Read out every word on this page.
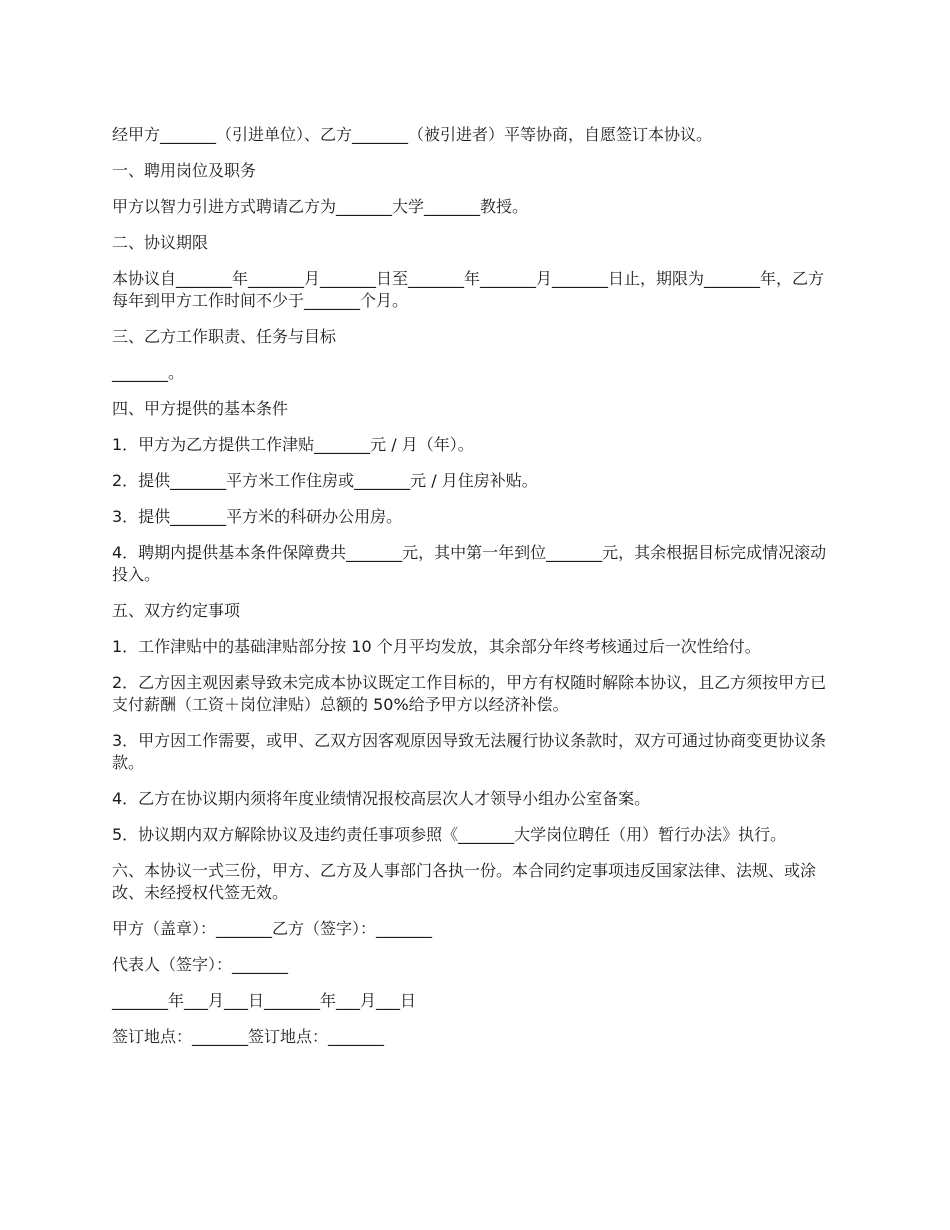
经甲方_______（引进单位）、乙方_______（被引进者）平等协商，自愿签订本协议。

一、聘用岗位及职务

甲方以智力引进方式聘请乙方为_______大学_______教授。

二、协议期限

本协议自_______年_______月_______日至_______年_______月_______日止，期限为_______年，乙方每年到甲方工作时间不少于_______个月。

三、乙方工作职责、任务与目标

_______。

四、甲方提供的基本条件

1．甲方为乙方提供工作津贴_______元 / 月（年）。

2．提供_______平方米工作住房或_______元 / 月住房补贴。

3．提供_______平方米的科研办公用房。

4．聘期内提供基本条件保障费共_______元，其中第一年到位_______元，其余根据目标完成情况滚动投入。

五、双方约定事项

1．工作津贴中的基础津贴部分按 10 个月平均发放，其余部分年终考核通过后一次性给付。

2．乙方因主观因素导致未完成本协议既定工作目标的，甲方有权随时解除本协议，且乙方须按甲方已支付薪酬（工资＋岗位津贴）总额的 50%给予甲方以经济补偿。

3．甲方因工作需要，或甲、乙双方因客观原因导致无法履行协议条款时，双方可通过协商变更协议条款。

4．乙方在协议期内须将年度业绩情况报校高层次人才领导小组办公室备案。

5．协议期内双方解除协议及违约责任事项参照《_______大学岗位聘任（用）暂行办法》执行。

六、本协议一式三份，甲方、乙方及人事部门各执一份。本合同约定事项违反国家法律、法规、或涂改、未经授权代签无效。

甲方（盖章）：_______乙方（签字）：_______

代表人（签字）：_______

_______年___月___日_______年___月___日

签订地点：_______签订地点：_______
